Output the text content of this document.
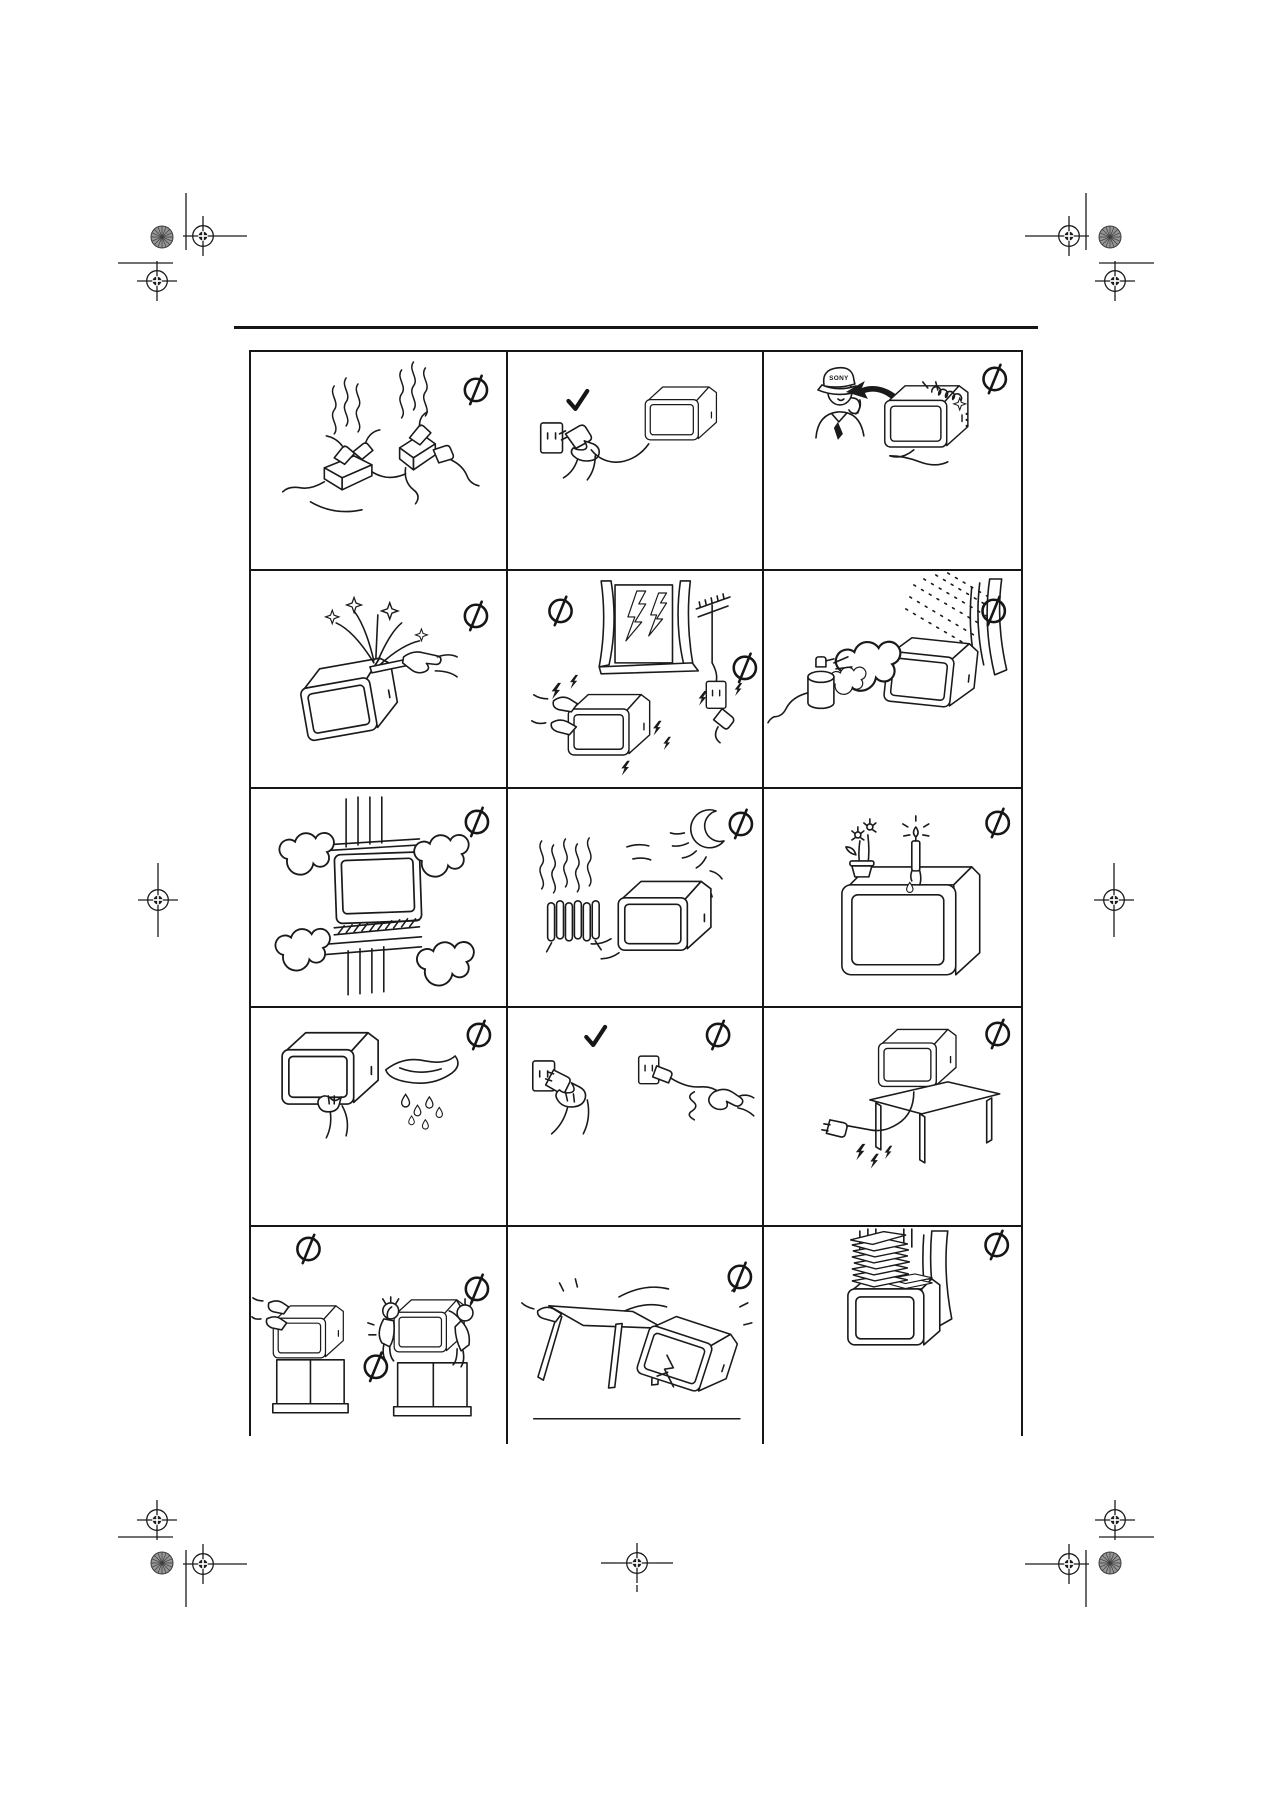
SONY
